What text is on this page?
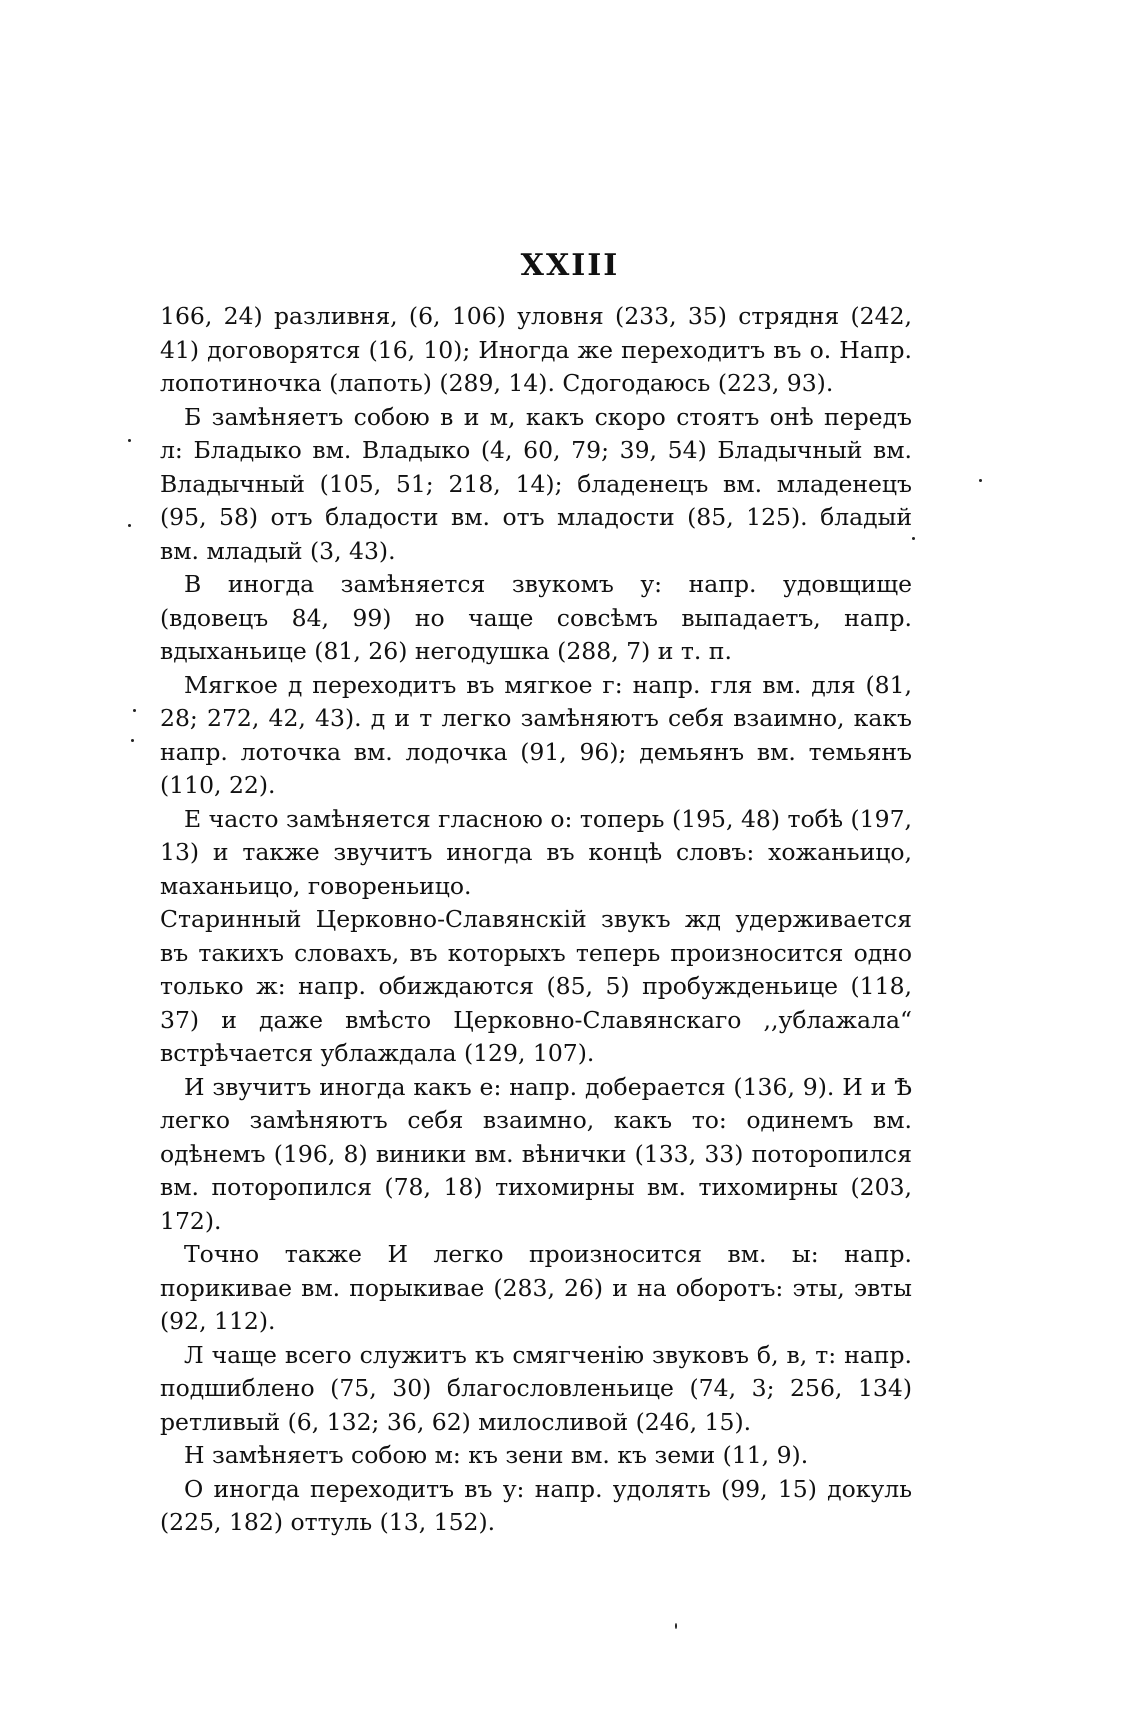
XXIII

166, 24) разливня, (6, 106) уловня (233, 35) стрядня (242, 41) договорятся (16, 10); Иногда же переходитъ въ о. Напр. лопотиночка (лапоть) (289, 14). Сдогодаюсь (223, 93).

Б замѣняетъ собою в и м, какъ скоро стоятъ онѣ передъ л: Бладыко вм. Владыко (4, 60, 79; 39, 54) Бладычный вм. Владычный (105, 51; 218, 14); бладенецъ вм. младенецъ (95, 58) отъ бладости вм. отъ младости (85, 125). бладый вм. младый (3, 43).

В иногда замѣняется звукомъ у: напр. удовщище (вдовецъ 84, 99) но чаще совсѣмъ выпадаетъ, напр. вдыханьице (81, 26) негодушка (288, 7) и т. п.

Мягкое д переходитъ въ мягкое г: напр. гля вм. для (81, 28; 272, 42, 43). д и т легко замѣняютъ себя взаимно, какъ напр. лоточка вм. лодочка (91, 96); демьянъ вм. темьянъ (110, 22).

Е часто замѣняется гласною о: топерь (195, 48) тобѣ (197, 13) и также звучитъ иногда въ концѣ словъ: хожаньицо, маханьицо, говореньицо.

Старинный Церковно-Славянскiй звукъ жд удерживается въ такихъ словахъ, въ которыхъ теперь произносится одно только ж: напр. обиждаются (85, 5) пробужденьице (118, 37) и даже вмѣсто Церковно-Славянскаго ,,ублажала“ встрѣчается ублаждала (129, 107).

И звучитъ иногда какъ е: напр. доберается (136, 9). И и Ѣ легко замѣняютъ себя взаимно, какъ то: одинемъ вм. одѣнемъ (196, 8) виники вм. вѣнички (133, 33) поторопился вм. поторопился (78, 18) тихомирны вм. тихомирны (203, 172).

Точно также И легко произносится вм. ы: напр. порикивае вм. порыкивае (283, 26) и на оборотъ: эты, эвты (92, 112).

Л чаще всего служитъ къ смягченiю звуковъ б, в, т: напр. подшиблено (75, 30) благословленьице (74, 3; 256, 134) ретливый (6, 132; 36, 62) милосливой (246, 15).

Н замѣняетъ собою м: къ зени вм. къ земи (11, 9).

О иногда переходитъ въ у: напр. удолять (99, 15) докуль (225, 182) оттуль (13, 152).
